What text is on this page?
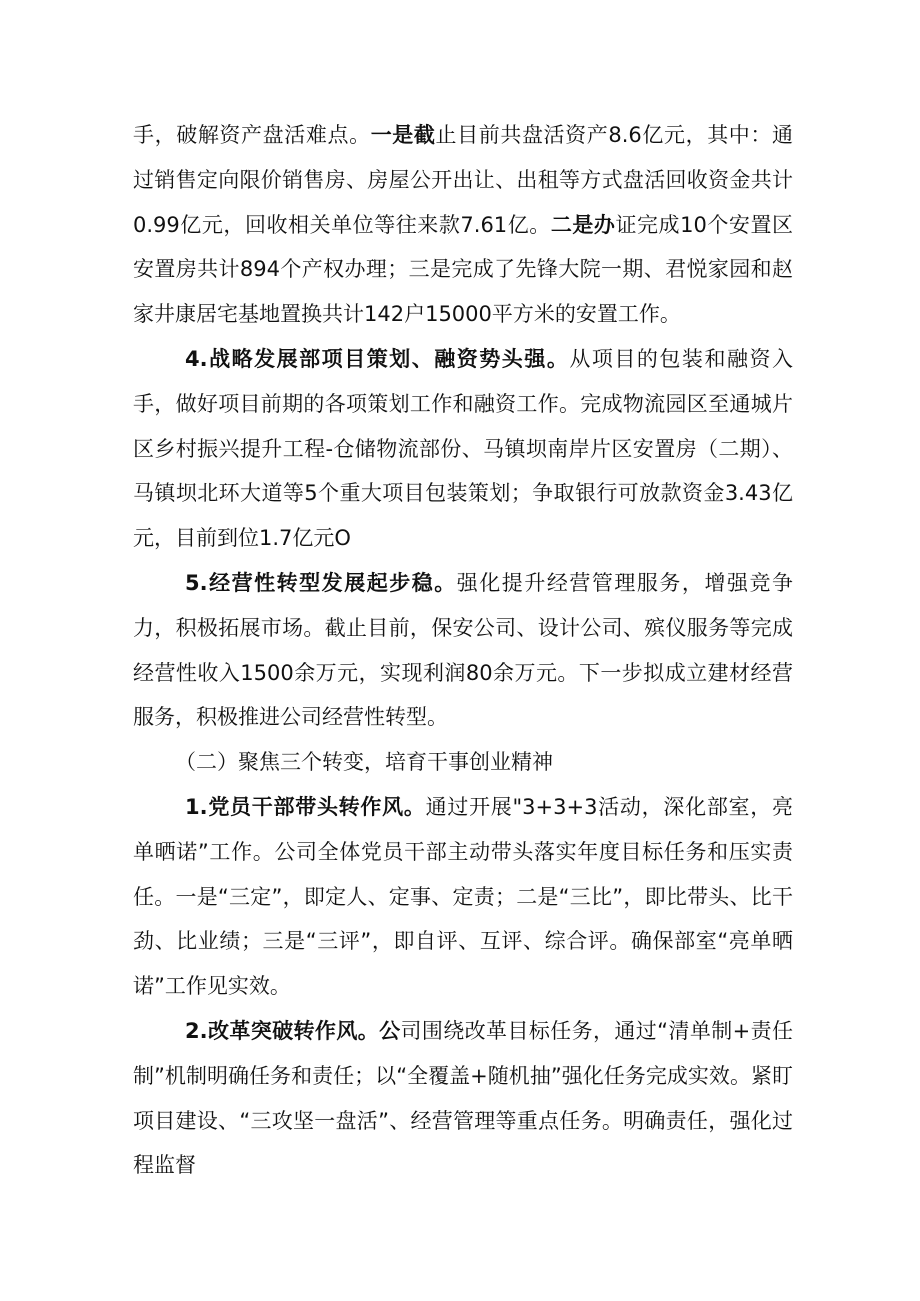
手，破解资产盘活难点。一是截止目前共盘活资产8.6亿元，其中：通过销售定向限价销售房、房屋公开出让、出租等方式盘活回收资金共计0.99亿元，回收相关单位等往来款7.61亿。二是办证完成10个安置区安置房共计894个产权办理；三是完成了先锋大院一期、君悦家园和赵家井康居宅基地置换共计142户15000平方米的安置工作。

4.战略发展部项目策划、融资势头强。从项目的包装和融资入手，做好项目前期的各项策划工作和融资工作。完成物流园区至通城片区乡村振兴提升工程-仓储物流部份、马镇坝南岸片区安置房（二期）、马镇坝北环大道等5个重大项目包装策划；争取银行可放款资金3.43亿元，目前到位1.7亿元O

5.经营性转型发展起步稳。强化提升经营管理服务，增强竞争力，积极拓展市场。截止目前，保安公司、设计公司、殡仪服务等完成经营性收入1500余万元，实现利润80余万元。下一步拟成立建材经营服务，积极推进公司经营性转型。

（二）聚焦三个转变，培育干事创业精神

1.党员干部带头转作风。通过开展"3+3+3活动，深化部室，亮单晒诺”工作。公司全体党员干部主动带头落实年度目标任务和压实责任。一是“三定”，即定人、定事、定责；二是“三比”，即比带头、比干劲、比业绩；三是“三评”，即自评、互评、综合评。确保部室“亮单晒诺”工作见实效。

2.改革突破转作风。公司围绕改革目标任务，通过“清单制+责任制”机制明确任务和责任；以“全覆盖+随机抽”强化任务完成实效。紧盯项目建设、“三攻坚一盘活”、经营管理等重点任务。明确责任，强化过程监督
